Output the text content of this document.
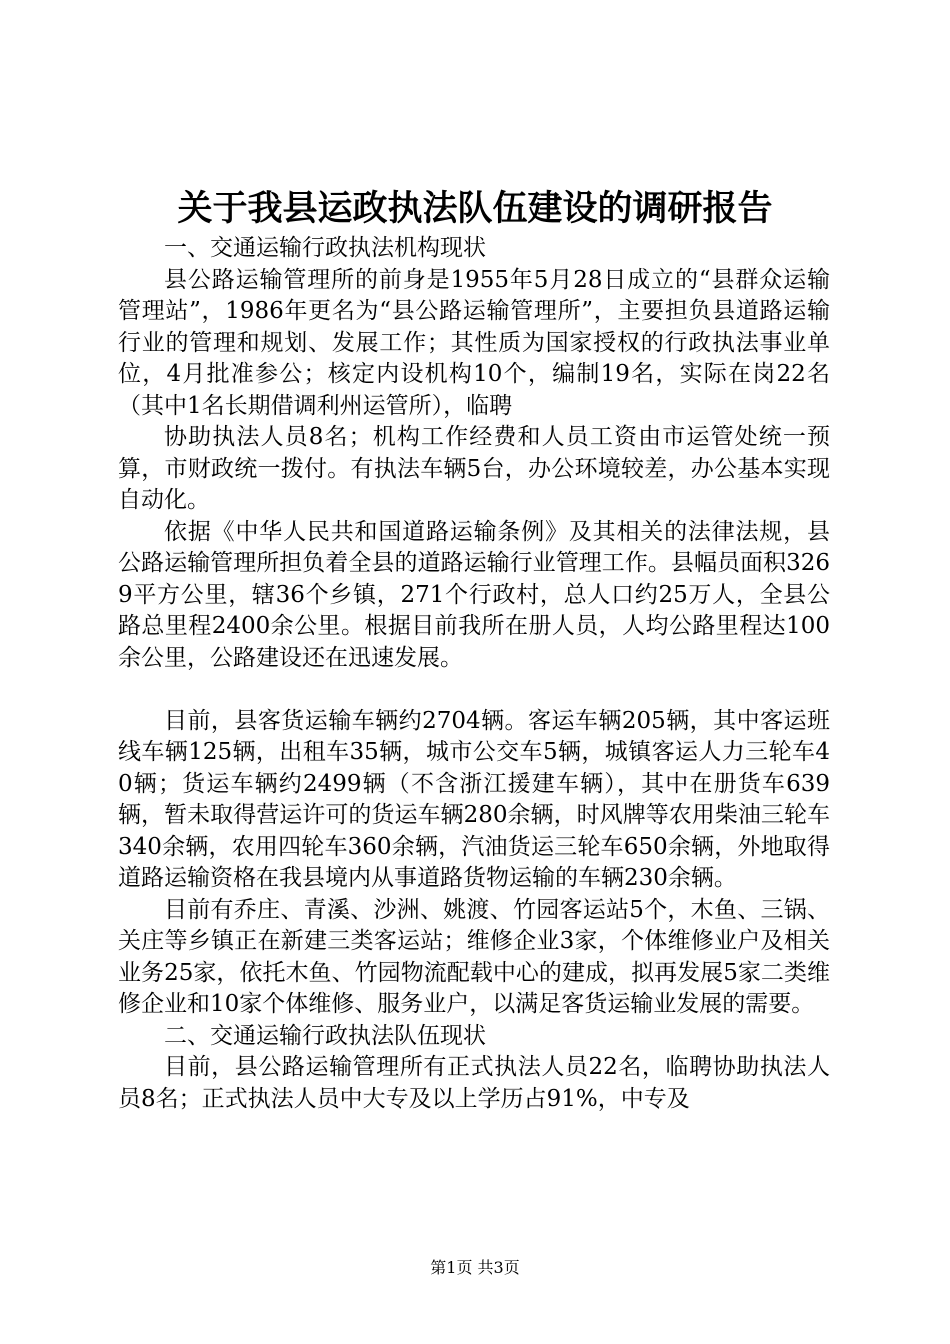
关于我县运政执法队伍建设的调研报告

一、交通运输行政执法机构现状

县公路运输管理所的前身是1955年5月28日成立的“县群众运输管理站”，1986年更名为“县公路运输管理所”，主要担负县道路运输行业的管理和规划、发展工作；其性质为国家授权的行政执法事业单位，4月批准参公；核定内设机构10个，编制19名，实际在岗22名（其中1名长期借调利州运管所），临聘

协助执法人员8名；机构工作经费和人员工资由市运管处统一预算，市财政统一拨付。有执法车辆5台，办公环境较差，办公基本实现自动化。

依据《中华人民共和国道路运输条例》及其相关的法律法规，县公路运输管理所担负着全县的道路运输行业管理工作。县幅员面积3269平方公里，辖36个乡镇，271个行政村，总人口约25万人，全县公路总里程2400余公里。根据目前我所在册人员，人均公路里程达100余公里，公路建设还在迅速发展。

目前，县客货运输车辆约2704辆。客运车辆205辆，其中客运班线车辆125辆，出租车35辆，城市公交车5辆，城镇客运人力三轮车40辆；货运车辆约2499辆（不含浙江援建车辆），其中在册货车639辆，暂未取得营运许可的货运车辆280余辆，时风牌等农用柴油三轮车340余辆，农用四轮车360余辆，汽油货运三轮车650余辆，外地取得道路运输资格在我县境内从事道路货物运输的车辆230余辆。

目前有乔庄、青溪、沙洲、姚渡、竹园客运站5个，木鱼、三锅、关庄等乡镇正在新建三类客运站；维修企业3家，个体维修业户及相关业务25家，依托木鱼、竹园物流配载中心的建成，拟再发展5家二类维修企业和10家个体维修、服务业户，以满足客货运输业发展的需要。

二、交通运输行政执法队伍现状

目前，县公路运输管理所有正式执法人员22名，临聘协助执法人员8名；正式执法人员中大专及以上学历占91%，中专及

第1页 共3页
